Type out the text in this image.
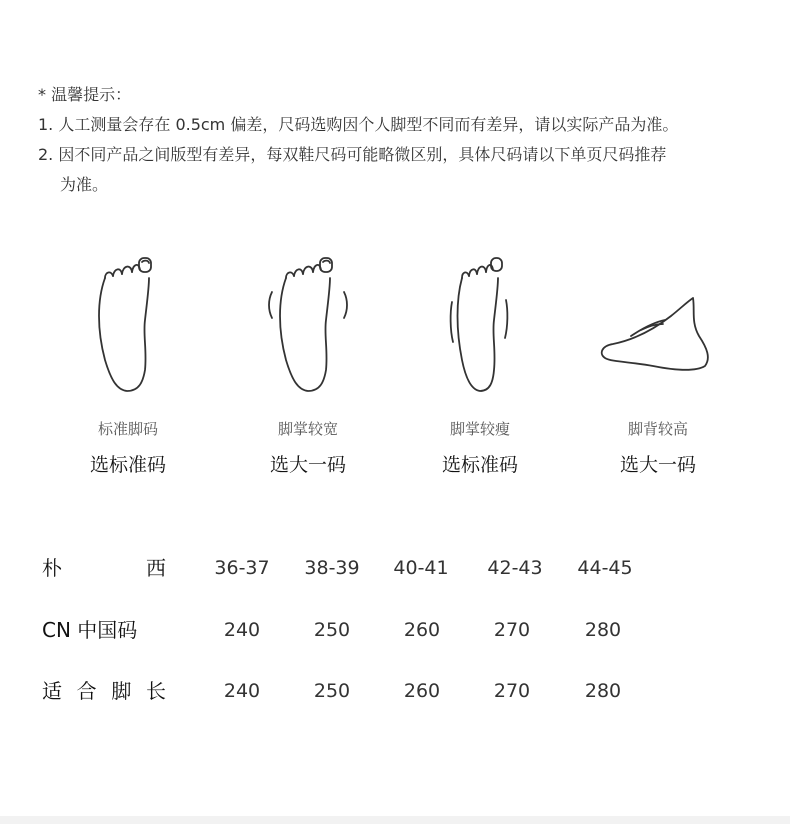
* 温馨提示：
1. 人工测量会存在 0.5cm 偏差，尺码选购因个人脚型不同而有差异，请以实际产品为准。
2. 因不同产品之间版型有差异，每双鞋尺码可能略微区别，具体尺码请以下单页尺码推荐
为准。
标准脚码
选标准码
脚掌较宽
选大一码
脚掌较瘦
选标准码
脚背较高
选大一码
朴	西	36-37	38-39	40-41	42-43	44-45
CN 中国码	240	250	260	270	280
适 合 脚 长	240	250	260	270	280
